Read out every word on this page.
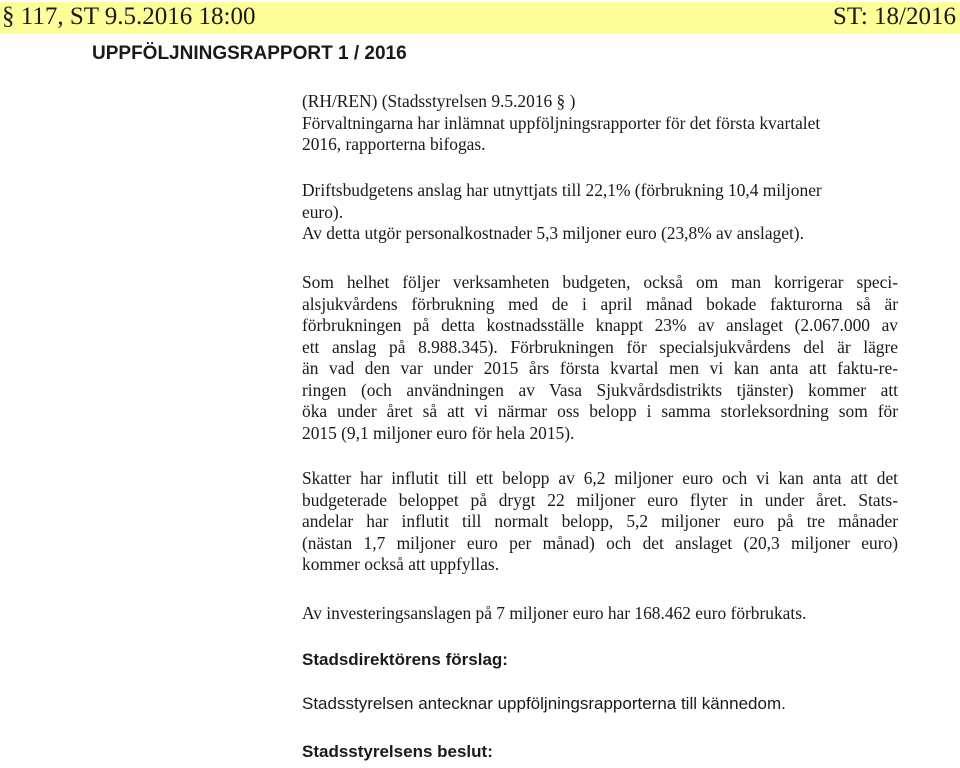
§ 117, ST 9.5.2016 18:00	ST: 18/2016
UPPFÖLJNINGSRAPPORT 1 / 2016
(RH/REN) (Stadsstyrelsen 9.5.2016 § )
Förvaltningarna har inlämnat uppföljningsrapporter för det första kvartalet
2016, rapporterna bifogas.
Driftsbudgetens anslag har utnyttjats till 22,1% (förbrukning 10,4 miljoner
euro).
Av detta utgör personalkostnader 5,3 miljoner euro (23,8% av anslaget).
Som helhet följer verksamheten budgeten, också om man korrigerar speci-
alsjukvårdens förbrukning med de i april månad bokade fakturorna så är
förbrukningen på detta kostnadsställe knappt 23% av anslaget (2.067.000 av
ett anslag på 8.988.345). Förbrukningen för specialsjukvårdens del är lägre
än vad den var under 2015 års första kvartal men vi kan anta att faktu-re-
ringen (och användningen av Vasa Sjukvårdsdistrikts tjänster) kommer att
öka under året så att vi närmar oss belopp i samma storleksordning som för
2015 (9,1 miljoner euro för hela 2015).
Skatter har influtit till ett belopp av 6,2 miljoner euro och vi kan anta att det
budgeterade beloppet på drygt 22 miljoner euro flyter in under året. Stats-
andelar har influtit till normalt belopp, 5,2 miljoner euro på tre månader
(nästan 1,7 miljoner euro per månad) och det anslaget (20,3 miljoner euro)
kommer också att uppfyllas.
Av investeringsanslagen på 7 miljoner euro har 168.462 euro förbrukats.
Stadsdirektörens förslag:
Stadsstyrelsen antecknar uppföljningsrapporterna till kännedom.
Stadsstyrelsens beslut:
